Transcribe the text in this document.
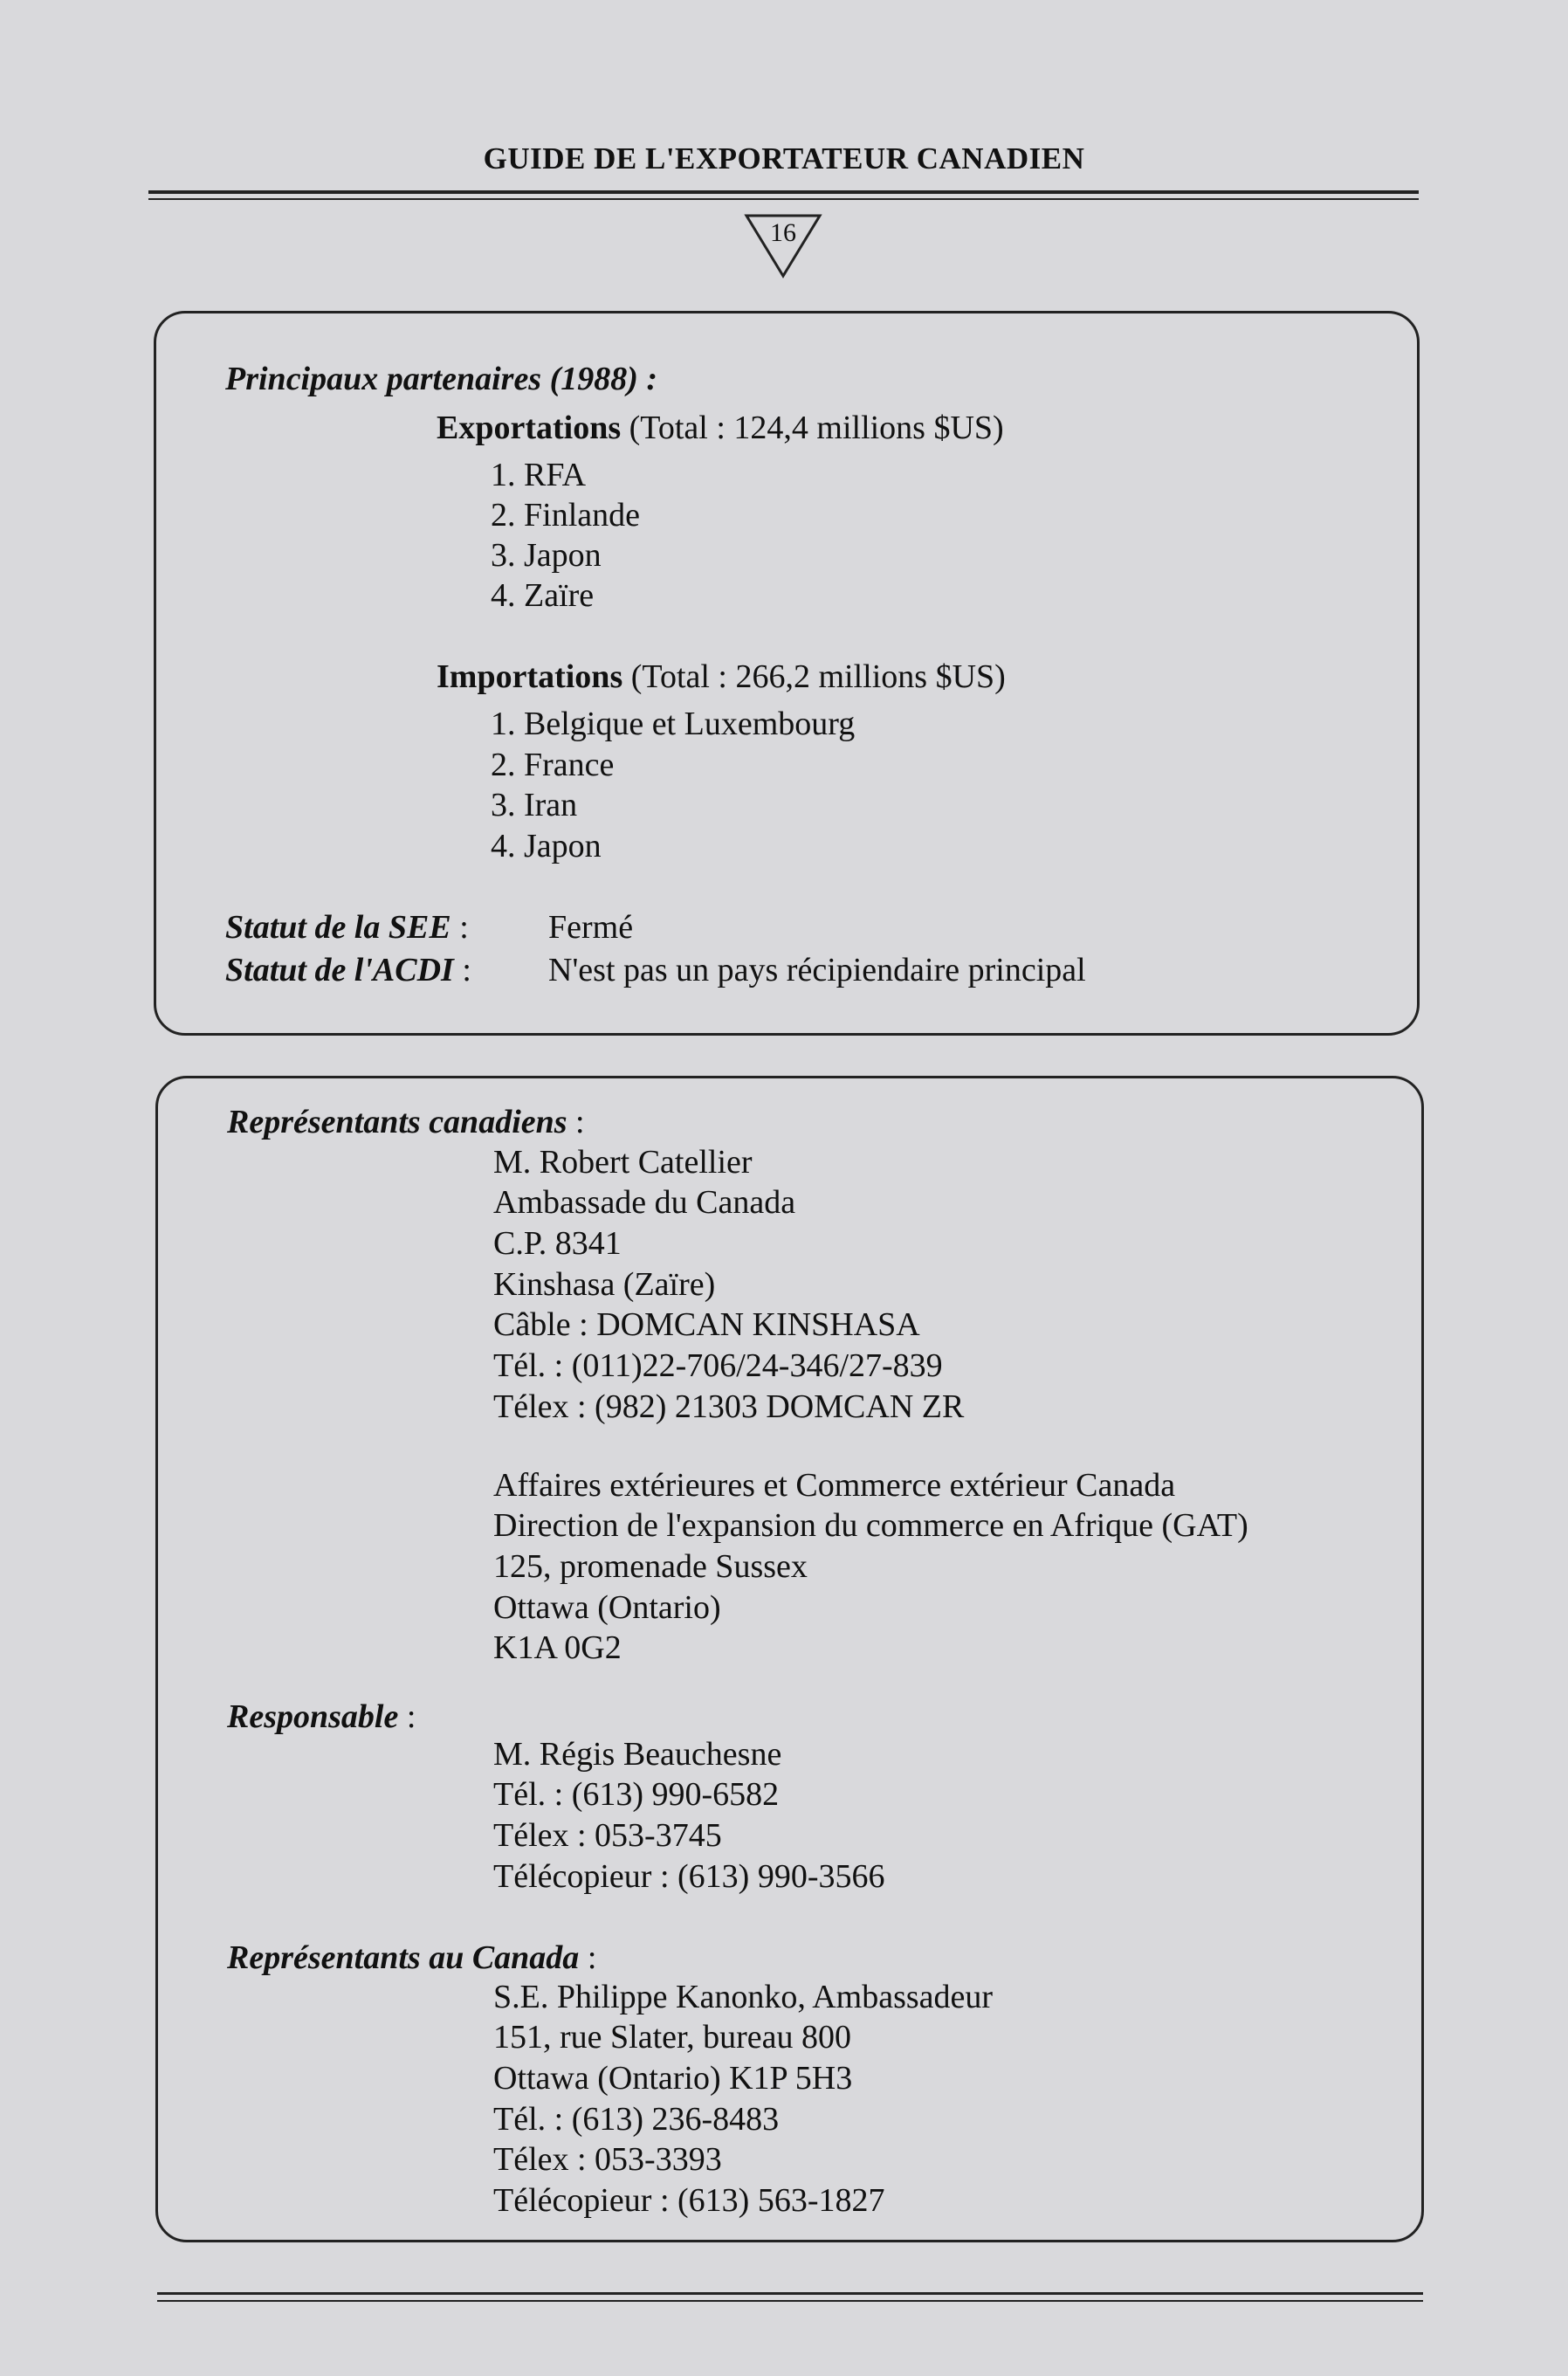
GUIDE DE L'EXPORTATEUR CANADIEN
16
Principaux partenaires (1988) :
Exportations (Total : 124,4 millions $US)
1. RFA
2. Finlande
3. Japon
4. Zaïre
Importations (Total : 266,2 millions $US)
1. Belgique et Luxembourg
2. France
3. Iran
4. Japon
Statut de la SEE : Fermé
Statut de l'ACDI : N'est pas un pays récipiendaire principal
Représentants canadiens :
M. Robert Catellier
Ambassade du Canada
C.P. 8341
Kinshasa (Zaïre)
Câble : DOMCAN KINSHASA
Tél. : (011)22-706/24-346/27-839
Télex : (982) 21303 DOMCAN ZR
Affaires extérieures et Commerce extérieur Canada
Direction de l'expansion du commerce en Afrique (GAT)
125, promenade Sussex
Ottawa (Ontario)
K1A 0G2
Responsable :
M. Régis Beauchesne
Tél. : (613) 990-6582
Télex : 053-3745
Télécopieur : (613) 990-3566
Représentants au Canada :
S.E. Philippe Kanonko, Ambassadeur
151, rue Slater, bureau 800
Ottawa (Ontario) K1P 5H3
Tél. : (613) 236-8483
Télex : 053-3393
Télécopieur : (613) 563-1827
